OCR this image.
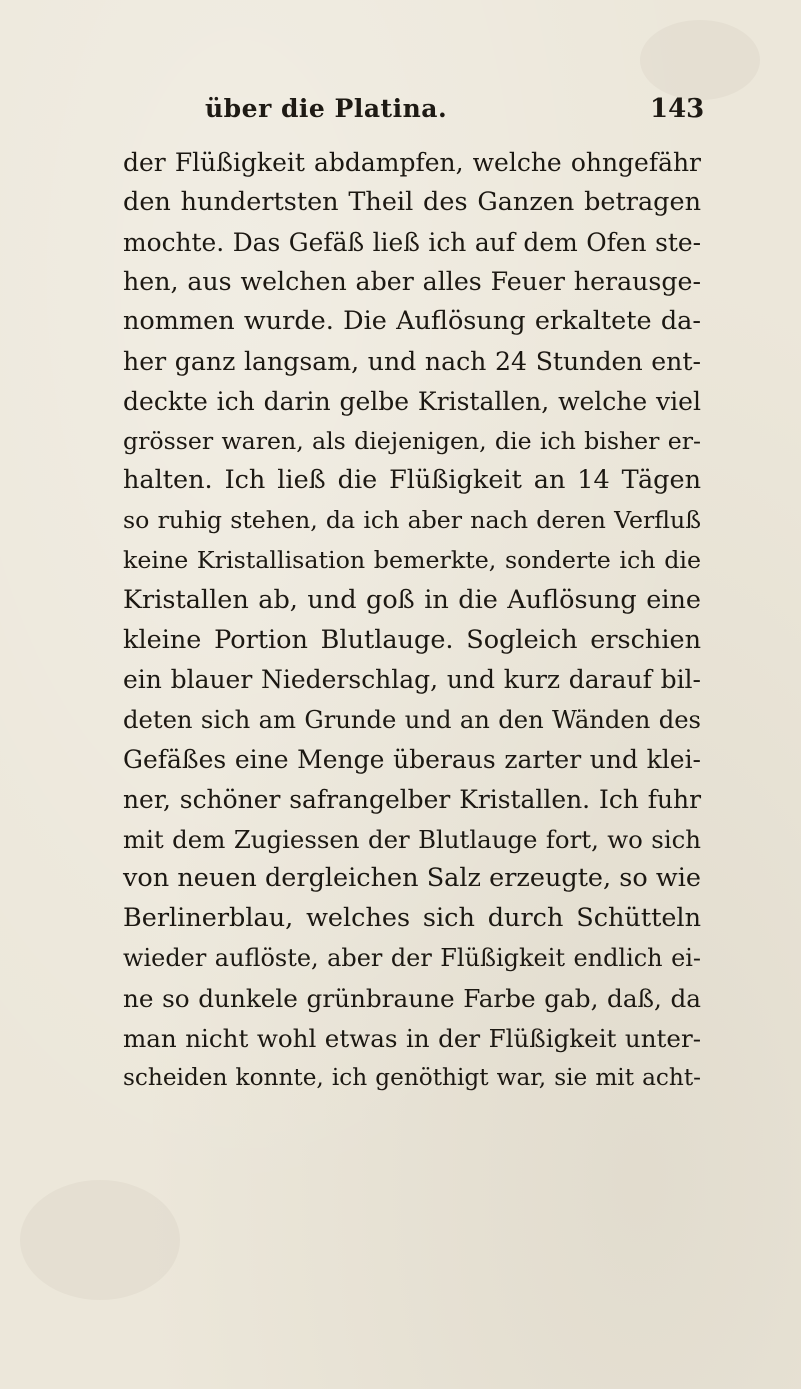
über die Platina.	143
der Flüßigkeit abdampfen, welche ohngefähr
den hundertsten Theil des Ganzen betragen
mochte. Das Gefäß ließ ich auf dem Ofen ste-
hen, aus welchen aber alles Feuer herausge-
nommen wurde. Die Auflösung erkaltete da-
her ganz langsam, und nach 24 Stunden ent-
deckte ich darin gelbe Kristallen, welche viel
grösser waren, als diejenigen, die ich bisher er-
halten. Ich ließ die Flüßigkeit an 14 Tägen
so ruhig stehen, da ich aber nach deren Verfluß
keine Kristallisation bemerkte, sonderte ich die
Kristallen ab, und goß in die Auflösung eine
kleine Portion Blutlauge. Sogleich erschien
ein blauer Niederschlag, und kurz darauf bil-
deten sich am Grunde und an den Wänden des
Gefäßes eine Menge überaus zarter und klei-
ner, schöner safrangelber Kristallen. Ich fuhr
mit dem Zugiessen der Blutlauge fort, wo sich
von neuen dergleichen Salz erzeugte, so wie
Berlinerblau, welches sich durch Schütteln
wieder auflöste, aber der Flüßigkeit endlich ei-
ne so dunkele grünbraune Farbe gab, daß, da
man nicht wohl etwas in der Flüßigkeit unter-
scheiden konnte, ich genöthigt war, sie mit acht-
